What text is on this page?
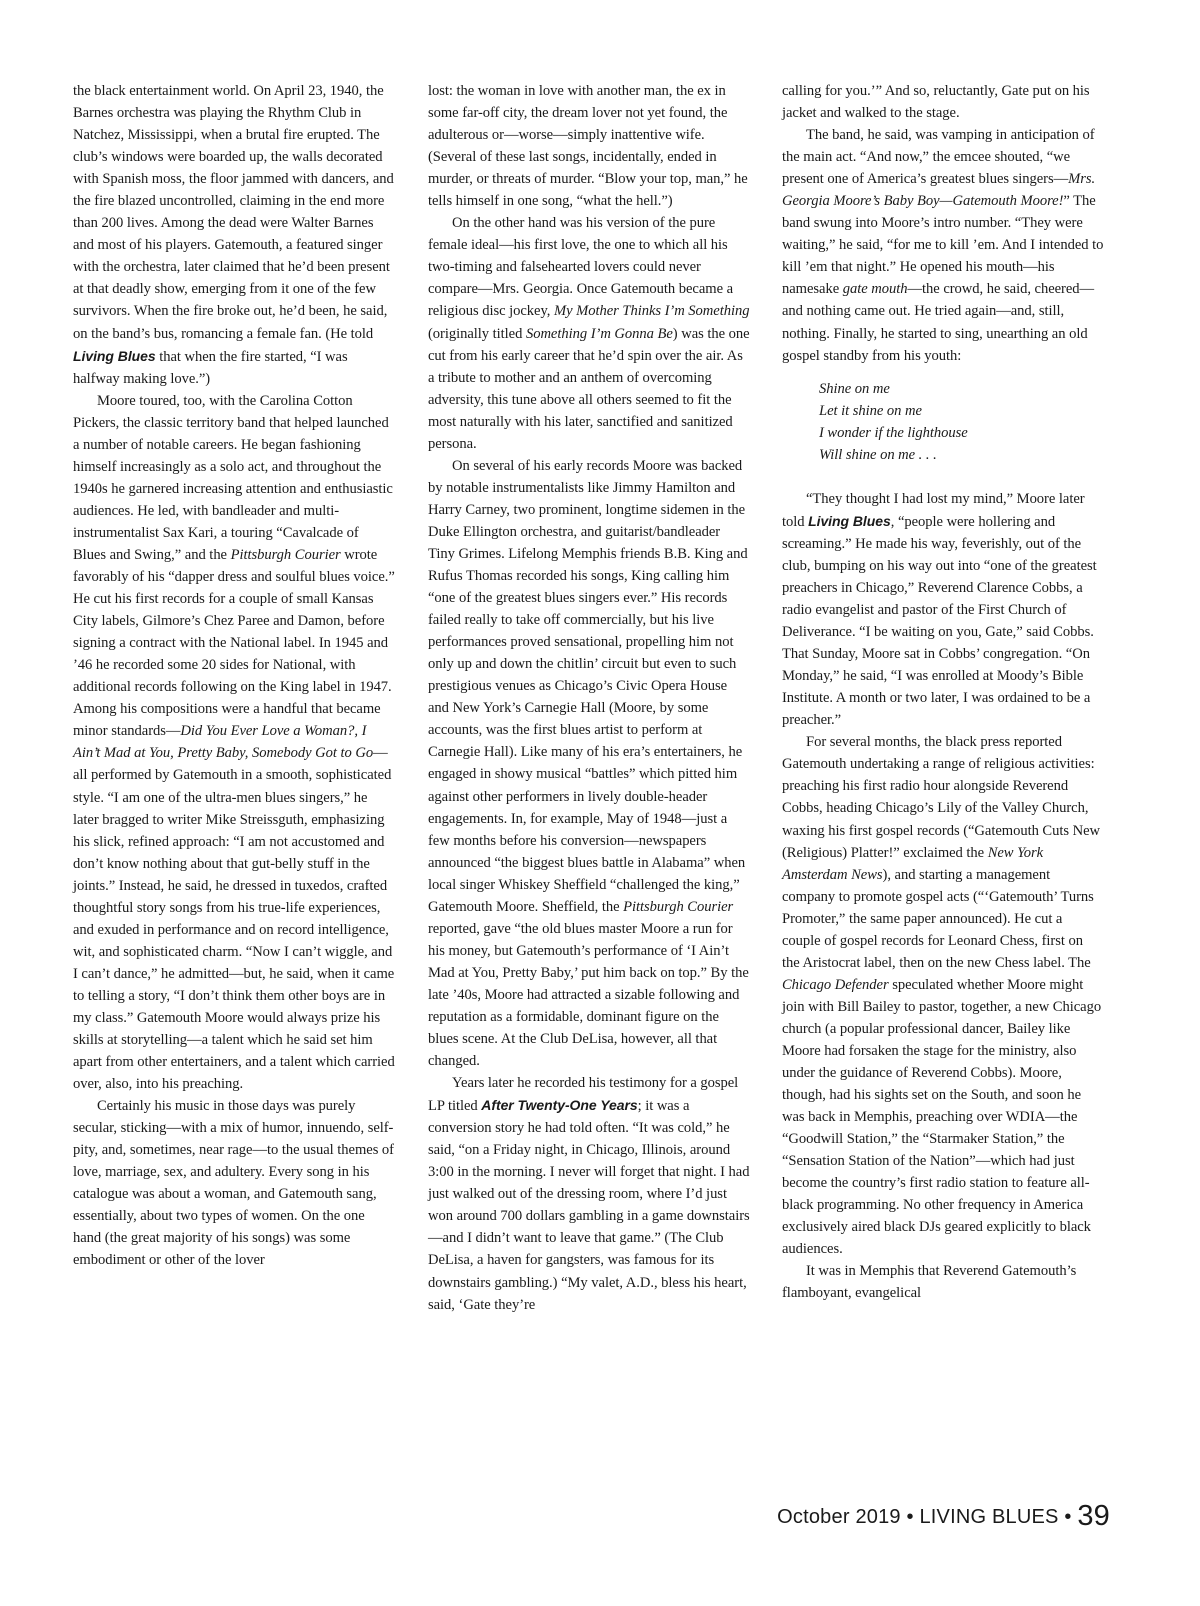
the black entertainment world. On April 23, 1940, the Barnes orchestra was playing the Rhythm Club in Natchez, Mississippi, when a brutal fire erupted. The club’s windows were boarded up, the walls decorated with Spanish moss, the floor jammed with dancers, and the fire blazed uncontrolled, claiming in the end more than 200 lives. Among the dead were Walter Barnes and most of his players. Gatemouth, a featured singer with the orchestra, later claimed that he’d been present at that deadly show, emerging from it one of the few survivors. When the fire broke out, he’d been, he said, on the band’s bus, romancing a female fan. (He told Living Blues that when the fire started, “I was halfway making love.”)

Moore toured, too, with the Carolina Cotton Pickers, the classic territory band that helped launched a number of notable careers. He began fashioning himself increasingly as a solo act, and throughout the 1940s he garnered increasing attention and enthusiastic audiences. He led, with bandleader and multi-instrumentalist Sax Kari, a touring “Cavalcade of Blues and Swing,” and the Pittsburgh Courier wrote favorably of his “dapper dress and soulful blues voice.” He cut his first records for a couple of small Kansas City labels, Gilmore’s Chez Paree and Damon, before signing a contract with the National label. In 1945 and ’46 he recorded some 20 sides for National, with additional records following on the King label in 1947. Among his compositions were a handful that became minor standards—Did You Ever Love a Woman?, I Ain’t Mad at You, Pretty Baby, Somebody Got to Go—all performed by Gatemouth in a smooth, sophisticated style. “I am one of the ultra-men blues singers,” he later bragged to writer Mike Streissguth, emphasizing his slick, refined approach: “I am not accustomed and don’t know nothing about that gut-belly stuff in the joints.” Instead, he said, he dressed in tuxedos, crafted thoughtful story songs from his true-life experiences, and exuded in performance and on record intelligence, wit, and sophisticated charm. “Now I can’t wiggle, and I can’t dance,” he admitted—but, he said, when it came to telling a story, “I don’t think them other boys are in my class.” Gatemouth Moore would always prize his skills at storytelling—a talent which he said set him apart from other entertainers, and a talent which carried over, also, into his preaching.

Certainly his music in those days was purely secular, sticking—with a mix of humor, innuendo, self-pity, and, sometimes, near rage—to the usual themes of love, marriage, sex, and adultery. Every song in his catalogue was about a woman, and Gatemouth sang, essentially, about two types of women. On the one hand (the great majority of his songs) was some embodiment or other of the lover

lost: the woman in love with another man, the ex in some far-off city, the dream lover not yet found, the adulterous or—worse—simply inattentive wife. (Several of these last songs, incidentally, ended in murder, or threats of murder. “Blow your top, man,” he tells himself in one song, “what the hell.”)

On the other hand was his version of the pure female ideal—his first love, the one to which all his two-timing and falsehearted lovers could never compare—Mrs. Georgia. Once Gatemouth became a religious disc jockey, My Mother Thinks I’m Something (originally titled Something I’m Gonna Be) was the one cut from his early career that he’d spin over the air. As a tribute to mother and an anthem of overcoming adversity, this tune above all others seemed to fit the most naturally with his later, sanctified and sanitized persona.

On several of his early records Moore was backed by notable instrumentalists like Jimmy Hamilton and Harry Carney, two prominent, longtime sidemen in the Duke Ellington orchestra, and guitarist/bandleader Tiny Grimes. Lifelong Memphis friends B.B. King and Rufus Thomas recorded his songs, King calling him “one of the greatest blues singers ever.” His records failed really to take off commercially, but his live performances proved sensational, propelling him not only up and down the chitlin’ circuit but even to such prestigious venues as Chicago’s Civic Opera House and New York’s Carnegie Hall (Moore, by some accounts, was the first blues artist to perform at Carnegie Hall). Like many of his era’s entertainers, he engaged in showy musical “battles” which pitted him against other performers in lively double-header engagements. In, for example, May of 1948—just a few months before his conversion—newspapers announced “the biggest blues battle in Alabama” when local singer Whiskey Sheffield “challenged the king,” Gatemouth Moore. Sheffield, the Pittsburgh Courier reported, gave “the old blues master Moore a run for his money, but Gatemouth’s performance of ‘I Ain’t Mad at You, Pretty Baby,’ put him back on top.” By the late ’40s, Moore had attracted a sizable following and reputation as a formidable, dominant figure on the blues scene. At the Club DeLisa, however, all that changed.

Years later he recorded his testimony for a gospel LP titled After Twenty-One Years; it was a conversion story he had told often. “It was cold,” he said, “on a Friday night, in Chicago, Illinois, around 3:00 in the morning. I never will forget that night. I had just walked out of the dressing room, where I’d just won around 700 dollars gambling in a game downstairs—and I didn’t want to leave that game.” (The Club DeLisa, a haven for gangsters, was famous for its downstairs gambling.) “My valet, A.D., bless his heart, said, ‘Gate they’re

calling for you.’” And so, reluctantly, Gate put on his jacket and walked to the stage.

The band, he said, was vamping in anticipation of the main act. “And now,” the emcee shouted, “we present one of America’s greatest blues singers—Mrs. Georgia Moore’s Baby Boy—Gatemouth Moore!” The band swung into Moore’s intro number. “They were waiting,” he said, “for me to kill ’em. And I intended to kill ’em that night.” He opened his mouth—his namesake gate mouth—the crowd, he said, cheered—and nothing came out. He tried again—and, still, nothing. Finally, he started to sing, unearthing an old gospel standby from his youth:

Shine on me
Let it shine on me
I wonder if the lighthouse
Will shine on me . . .

“They thought I had lost my mind,” Moore later told Living Blues, “people were hollering and screaming.” He made his way, feverishly, out of the club, bumping on his way out into “one of the greatest preachers in Chicago,” Reverend Clarence Cobbs, a radio evangelist and pastor of the First Church of Deliverance. “I be waiting on you, Gate,” said Cobbs. That Sunday, Moore sat in Cobbs’ congregation. “On Monday,” he said, “I was enrolled at Moody’s Bible Institute. A month or two later, I was ordained to be a preacher.”

For several months, the black press reported Gatemouth undertaking a range of religious activities: preaching his first radio hour alongside Reverend Cobbs, heading Chicago’s Lily of the Valley Church, waxing his first gospel records (“Gatemouth Cuts New (Religious) Platter!” exclaimed the New York Amsterdam News), and starting a management company to promote gospel acts (“‘Gatemouth’ Turns Promoter,” the same paper announced). He cut a couple of gospel records for Leonard Chess, first on the Aristocrat label, then on the new Chess label. The Chicago Defender speculated whether Moore might join with Bill Bailey to pastor, together, a new Chicago church (a popular professional dancer, Bailey like Moore had forsaken the stage for the ministry, also under the guidance of Reverend Cobbs). Moore, though, had his sights set on the South, and soon he was back in Memphis, preaching over WDIA—the “Goodwill Station,” the “Starmaker Station,” the “Sensation Station of the Nation”—which had just become the country’s first radio station to feature all-black programming. No other frequency in America exclusively aired black DJs geared explicitly to black audiences.

It was in Memphis that Reverend Gatemouth’s flamboyant, evangelical

October 2019 • LIVING BLUES • 39
